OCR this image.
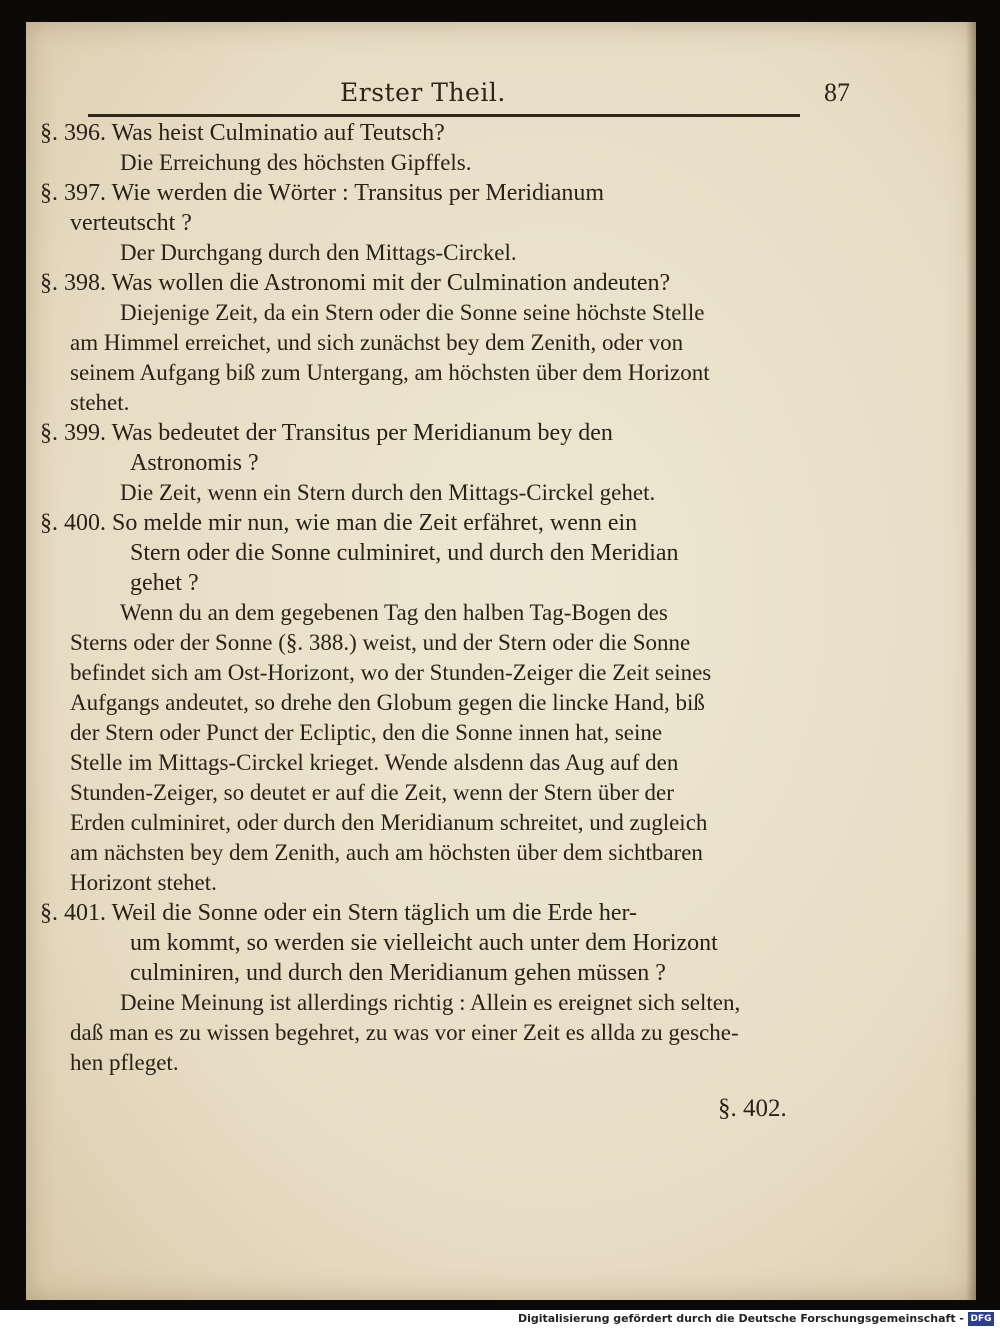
Erster Theil.	87
§. 396. Was heist Culminatio auf Teutsch?
Die Erreichung des höchsten Gipffels.
§. 397. Wie werden die Wörter : Transitus per Meridianum
verteutscht ?
Der Durchgang durch den Mittags-Circkel.
§. 398. Was wollen die Astronomi mit der Culmination andeuten?
Diejenige Zeit, da ein Stern oder die Sonne seine höchste Stelle
am Himmel erreichet, und sich zunächst bey dem Zenith, oder von
seinem Aufgang biß zum Untergang, am höchsten über dem Horizont
stehet.
§. 399. Was bedeutet der Transitus per Meridianum bey den
Astronomis ?
Die Zeit, wenn ein Stern durch den Mittags-Circkel gehet.
§. 400. So melde mir nun, wie man die Zeit erfähret, wenn ein
Stern oder die Sonne culminiret, und durch den Meridian
gehet ?
Wenn du an dem gegebenen Tag den halben Tag-Bogen des
Sterns oder der Sonne (§. 388.) weist, und der Stern oder die Sonne
befindet sich am Ost-Horizont, wo der Stunden-Zeiger die Zeit seines
Aufgangs andeutet, so drehe den Globum gegen die lincke Hand, biß
der Stern oder Punct der Ecliptic, den die Sonne innen hat, seine
Stelle im Mittags-Circkel krieget. Wende alsdenn das Aug auf den
Stunden-Zeiger, so deutet er auf die Zeit, wenn der Stern über der
Erden culminiret, oder durch den Meridianum schreitet, und zugleich
am nächsten bey dem Zenith, auch am höchsten über dem sichtbaren
Horizont stehet.
§. 401. Weil die Sonne oder ein Stern täglich um die Erde her-
um kommt, so werden sie vielleicht auch unter dem Horizont
culminiren, und durch den Meridianum gehen müssen ?
Deine Meinung ist allerdings richtig : Allein es ereignet sich selten,
daß man es zu wissen begehret, zu was vor einer Zeit es allda zu gesche-
hen pfleget.
§. 402.
Digitalisierung gefördert durch die Deutsche Forschungsgemeinschaft - DFG
